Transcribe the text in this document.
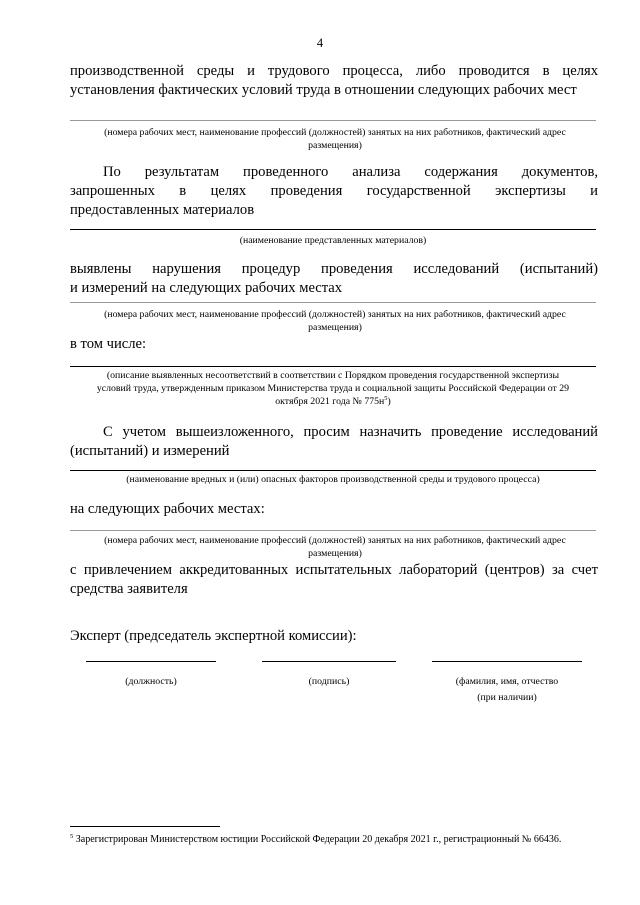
4
производственной среды и трудового процесса, либо проводится в целях
установления фактических условий труда в отношении следующих рабочих мест
(номера рабочих мест, наименование профессий (должностей) занятых на них работников, фактический адрес размещения)
По результатам проведенного анализа содержания документов,
запрошенных в целях проведения государственной экспертизы и
предоставленных материалов
(наименование представленных материалов)
выявлены нарушения процедур проведения исследований (испытаний)
и измерений на следующих рабочих местах
(номера рабочих мест, наименование профессий (должностей) занятых на них работников, фактический адрес размещения)
в том числе:
(описание выявленных несоответствий в соответствии с Порядком проведения государственной экспертизы
условий труда, утвержденным приказом Министерства труда и социальной защиты Российской Федерации от 29
октября 2021 года № $775н^5$)
С учетом вышеизложенного, просим назначить проведение исследований
(испытаний) и измерений
(наименование вредных и (или) опасных факторов производственной среды и трудового процесса)
на следующих рабочих местах:
(номера рабочих мест, наименование профессий (должностей) занятых на них работников, фактический адрес размещения)
с привлечением аккредитованных испытательных лабораторий (центров) за счет
средства заявителя
Эксперт (председатель экспертной комиссии):
(должность)	(подпись)	(фамилия, имя, отчество
(при наличии)
$^5$ Зарегистрирован Министерством юстиции Российской Федерации 20 декабря 2021 г., регистрационный № 66436.
